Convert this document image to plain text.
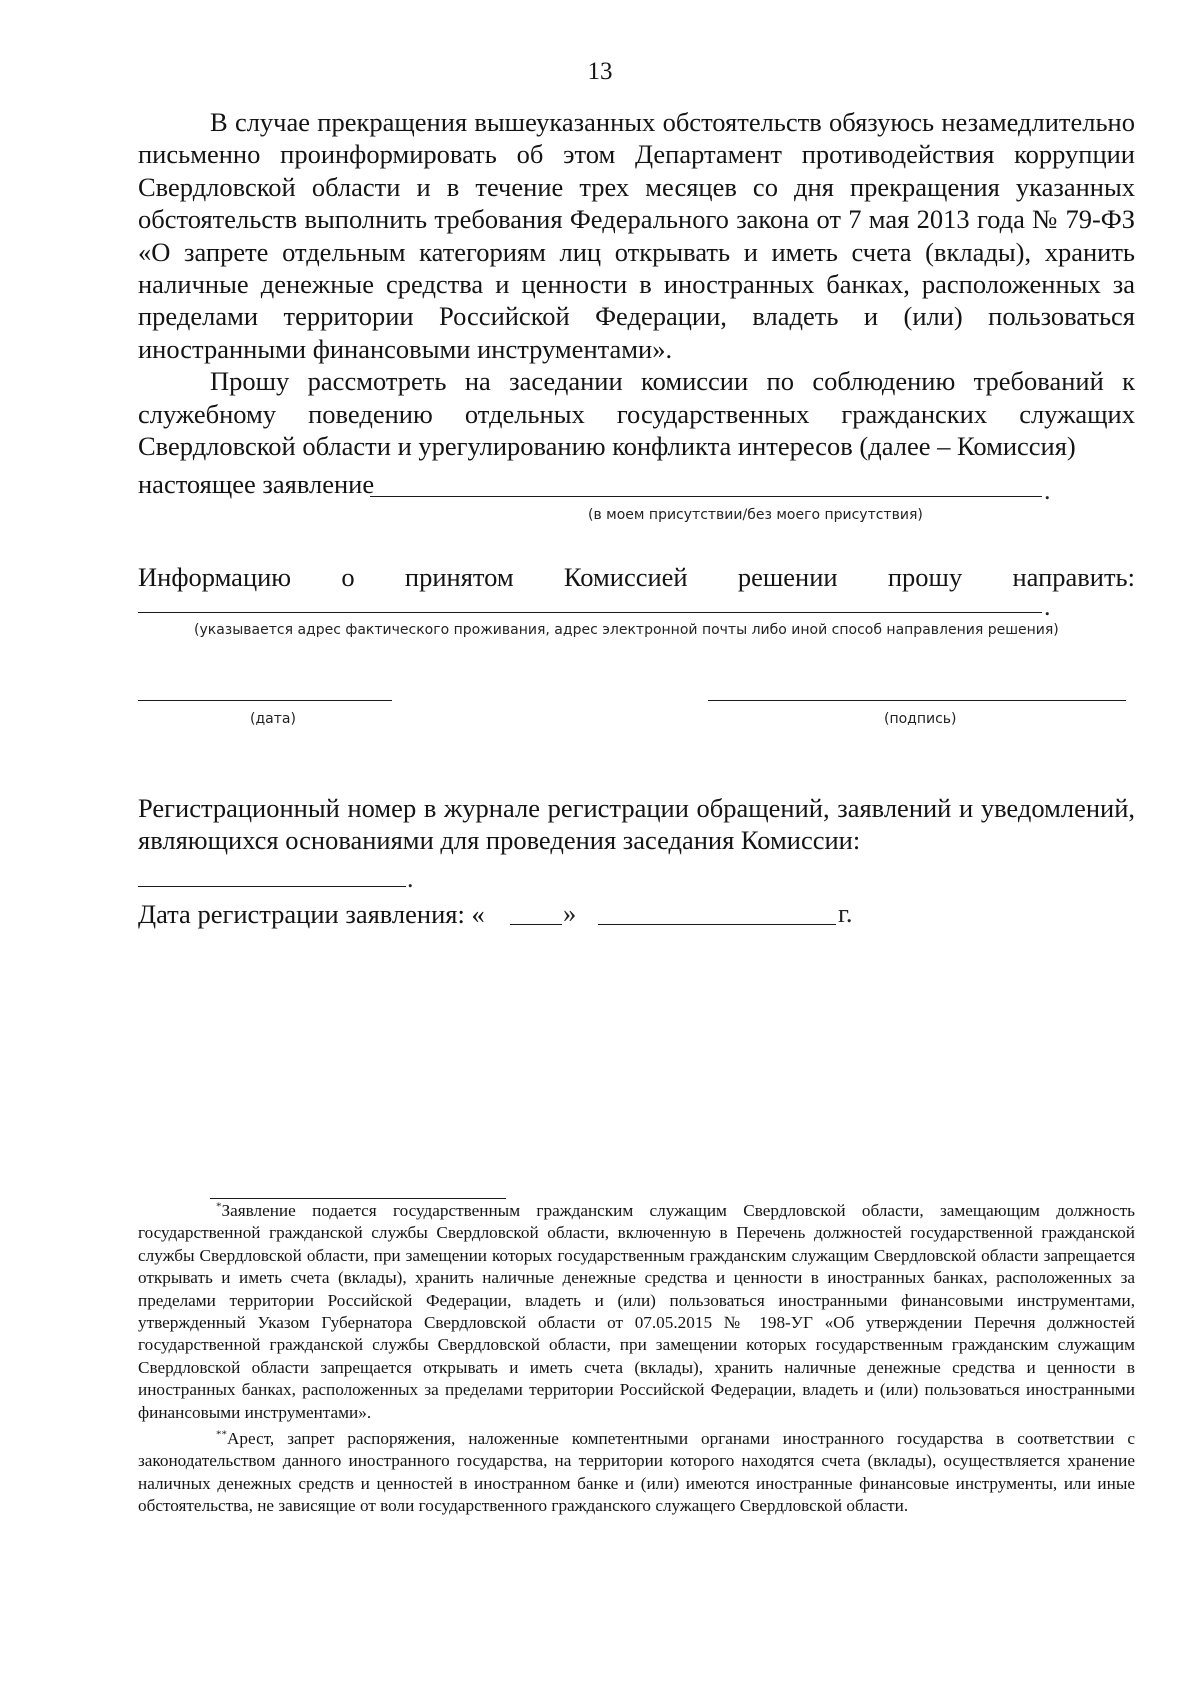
13

В случае прекращения вышеуказанных обстоятельств обязуюсь незамедлительно письменно проинформировать об этом Департамент противодействия коррупции Свердловской области и в течение трех месяцев со дня прекращения указанных обстоятельств выполнить требования Федерального закона от 7 мая 2013 года № 79-ФЗ «О запрете отдельным категориям лиц открывать и иметь счета (вклады), хранить наличные денежные средства и ценности в иностранных банках, расположенных за пределами территории Российской Федерации, владеть и (или) пользоваться иностранными финансовыми инструментами».

Прошу рассмотреть на заседании комиссии по соблюдению требований к служебному поведению отдельных государственных гражданских служащих Свердловской области и урегулированию конфликта интересов (далее – Комиссия)

настоящее заявление	.
(в моем присутствии/без моего присутствия)
Информацию о принятом Комиссией решении прошу направить:
.
(указывается адрес фактического проживания, адрес электронной почты либо иной способ направления решения)
(дата)	(подпись)

Регистрационный номер в журнале регистрации обращений, заявлений и уведомлений, являющихся основаниями для проведения заседания Комиссии:

.
Дата регистрации заявления: «	»	г.

*Заявление подается государственным гражданским служащим Свердловской области, замещающим должность государственной гражданской службы Свердловской области, включенную в Перечень должностей государственной гражданской службы Свердловской области, при замещении которых государственным гражданским служащим Свердловской области запрещается открывать и иметь счета (вклады), хранить наличные денежные средства и ценности в иностранных банках, расположенных за пределами территории Российской Федерации, владеть и (или) пользоваться иностранными финансовыми инструментами, утвержденный Указом Губернатора Свердловской области от 07.05.2015 № 198-УГ «Об утверждении Перечня должностей государственной гражданской службы Свердловской области, при замещении которых государственным гражданским служащим Свердловской области запрещается открывать и иметь счета (вклады), хранить наличные денежные средства и ценности в иностранных банках, расположенных за пределами территории Российской Федерации, владеть и (или) пользоваться иностранными финансовыми инструментами».

**Арест, запрет распоряжения, наложенные компетентными органами иностранного государства в соответствии с законодательством данного иностранного государства, на территории которого находятся счета (вклады), осуществляется хранение наличных денежных средств и ценностей в иностранном банке и (или) имеются иностранные финансовые инструменты, или иные обстоятельства, не зависящие от воли государственного гражданского служащего Свердловской области.
